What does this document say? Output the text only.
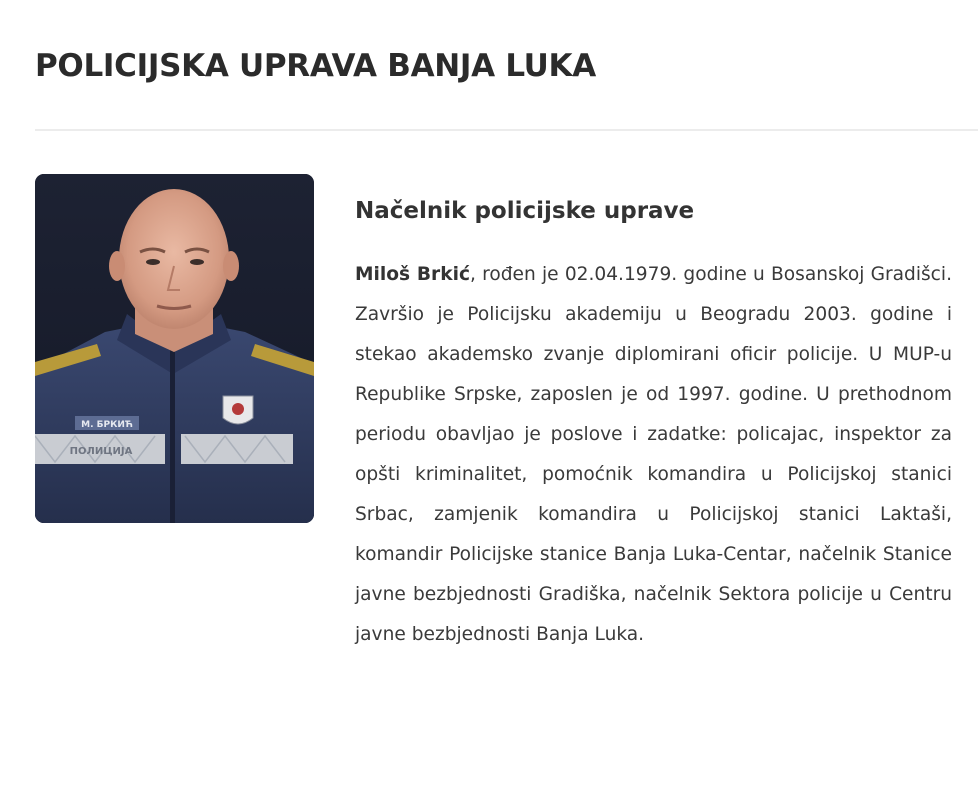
POLICIJSKA UPRAVA BANJA LUKA
М. БРКИЋ
ПОЛИЦИЈА
Načelnik policijske uprave

Miloš Brkić, rođen je 02.04.1979. godine u Bosanskoj Gradišci. Završio je Policijsku akademiju u Beogradu 2003. godine i stekao akademsko zvanje diplomirani oficir policije. U MUP-u Republike Srpske, zaposlen je od 1997. godine. U prethodnom periodu obavljao je poslove i zadatke: policajac, inspektor za opšti kriminalitet, pomoćnik komandira u Policijskoj stanici Srbac, zamjenik komandira u Policijskoj stanici Laktaši, komandir Policijske stanice Banja Luka-Centar, načelnik Stanice javne bezbjednosti Gradiška, načelnik Sektora policije u Centru javne bezbjednosti Banja Luka.
